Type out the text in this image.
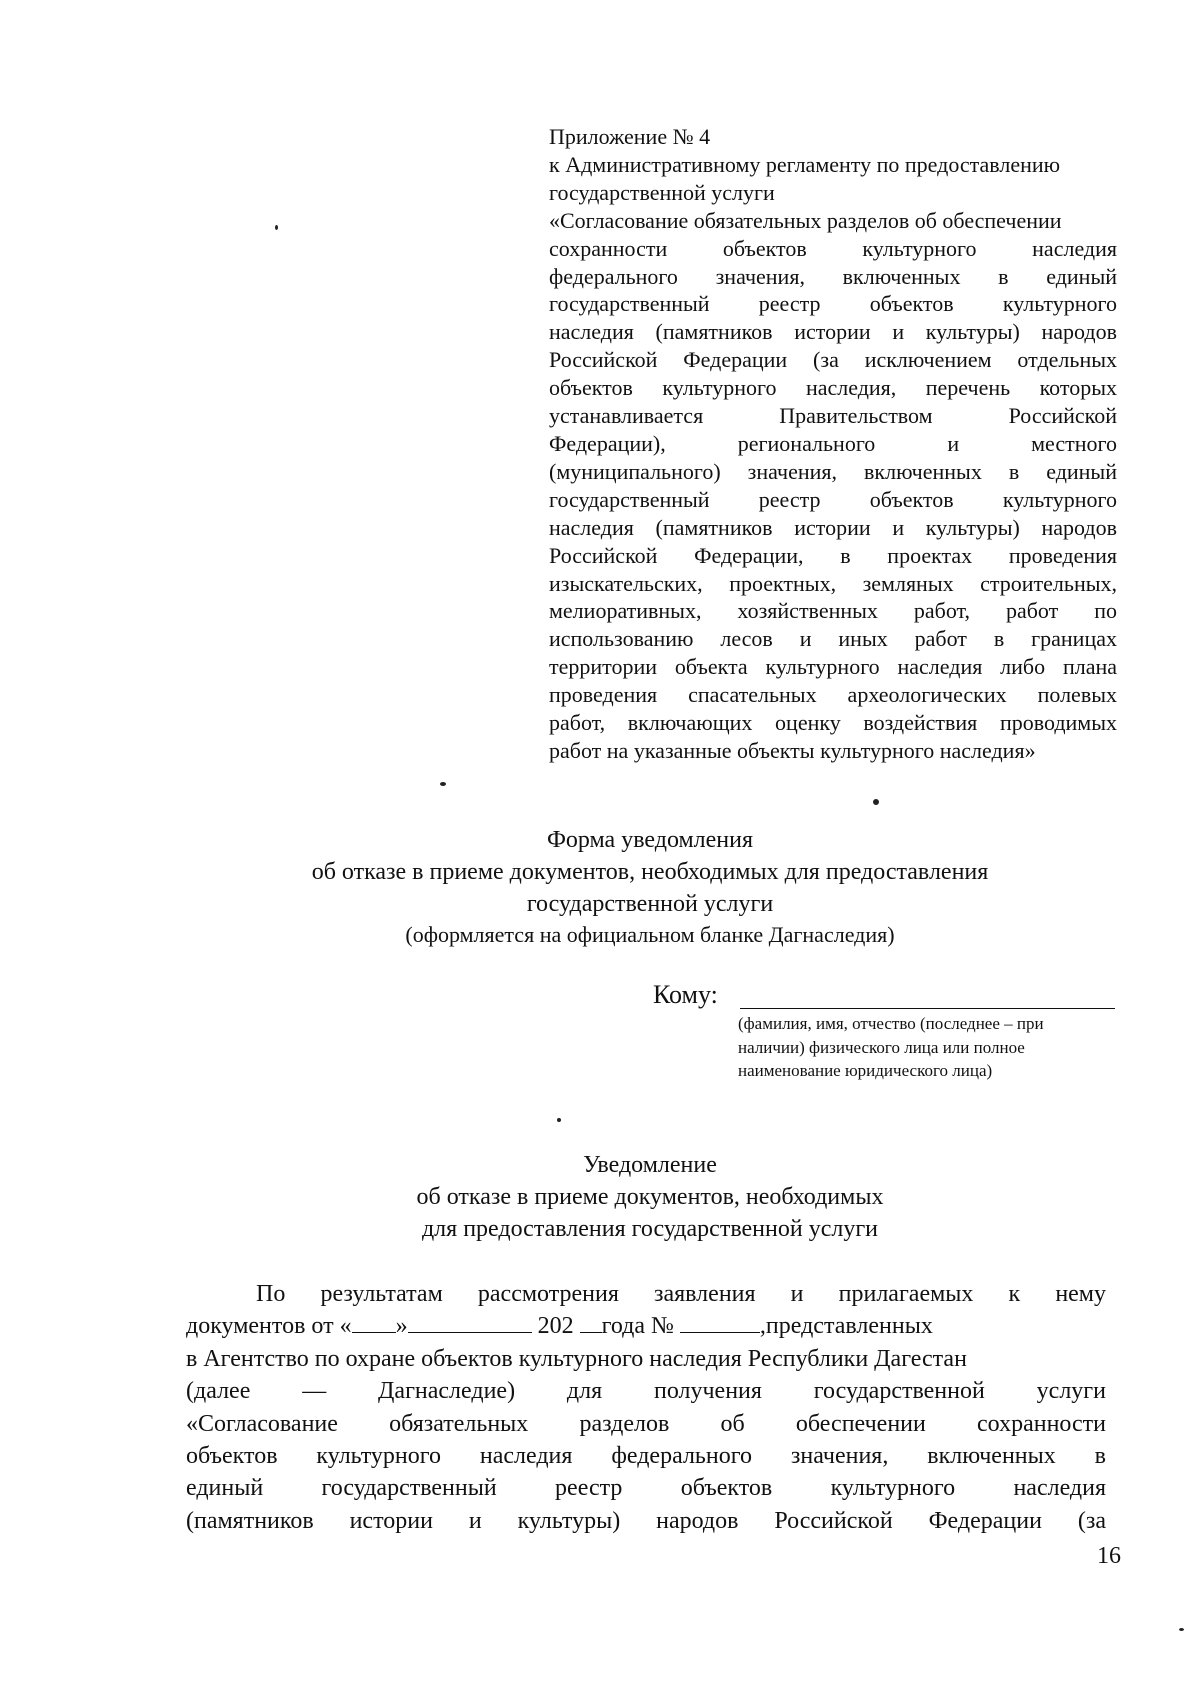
Приложение № 4
к Административному регламенту по предоставлению
государственной услуги
«Согласование обязательных разделов об обеспечении
сохранности объектов культурного наследия
федерального значения, включенных в единый
государственный реестр объектов культурного
наследия (памятников истории и культуры) народов
Российской Федерации (за исключением отдельных
объектов культурного наследия, перечень которых
устанавливается Правительством Российской
Федерации), регионального и местного
(муниципального) значения, включенных в единый
государственный реестр объектов культурного
наследия (памятников истории и культуры) народов
Российской Федерации, в проектах проведения
изыскательских, проектных, земляных строительных,
мелиоративных, хозяйственных работ, работ по
использованию лесов и иных работ в границах
территории объекта культурного наследия либо плана
проведения спасательных археологических полевых
работ, включающих оценку воздействия проводимых
работ на указанные объекты культурного наследия»
Форма уведомления
об отказе в приеме документов, необходимых для предоставления
государственной услуги
(оформляется на официальном бланке Дагнаследия)
Кому:
(фамилия, имя, отчество (последнее – при
наличии) физического лица или полное
наименование юридического лица)
Уведомление
об отказе в приеме документов, необходимых
для предоставления государственной услуги
По результатам рассмотрения заявления и прилагаемых к нему
документов от « »	202 года №	,представленных
в Агентство по охране объектов культурного наследия Республики Дагестан
(далее — Дагнаследие) для получения государственной услуги
«Согласование обязательных разделов об обеспечении сохранности
объектов культурного наследия федерального значения, включенных в
единый государственный реестр объектов культурного наследия
(памятников истории и культуры) народов Российской Федерации (за
16
